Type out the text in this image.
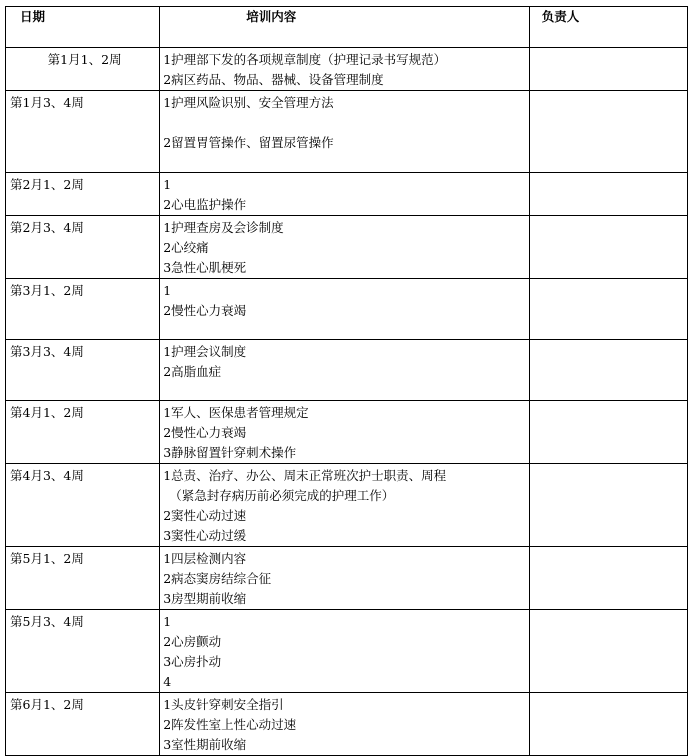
日期	培训内容	负责人
第1月1、2周	1护理部下发的各项规章制度（护理记录书写规范）
2病区药品、物品、器械、设备管理制度	

第1月3、4周	1护理风险识别、安全管理方法
2留置胃管操作、留置尿管操作	

第2月1、2周	1
2心电监护操作	

第2月3、4周	1护理查房及会诊制度
2心绞痛
3急性心肌梗死	

第3月1、2周	1
2慢性心力衰竭	

第3月3、4周	1护理会议制度
2高脂血症	

第4月1、2周	1军人、医保患者管理规定
2慢性心力衰竭
3静脉留置针穿刺术操作	

第4月3、4周	1总责、治疗、办公、周末正常班次护士职责、周程
（紧急封存病历前必须完成的护理工作）
2窦性心动过速
3窦性心动过缓	

第5月1、2周	1四层检测内容
2病态窦房结综合征
3房型期前收缩	

第5月3、4周	1
2心房颤动
3心房扑动
4	

第6月1、2周	1头皮针穿刺安全指引
2阵发性室上性心动过速
3室性期前收缩	
